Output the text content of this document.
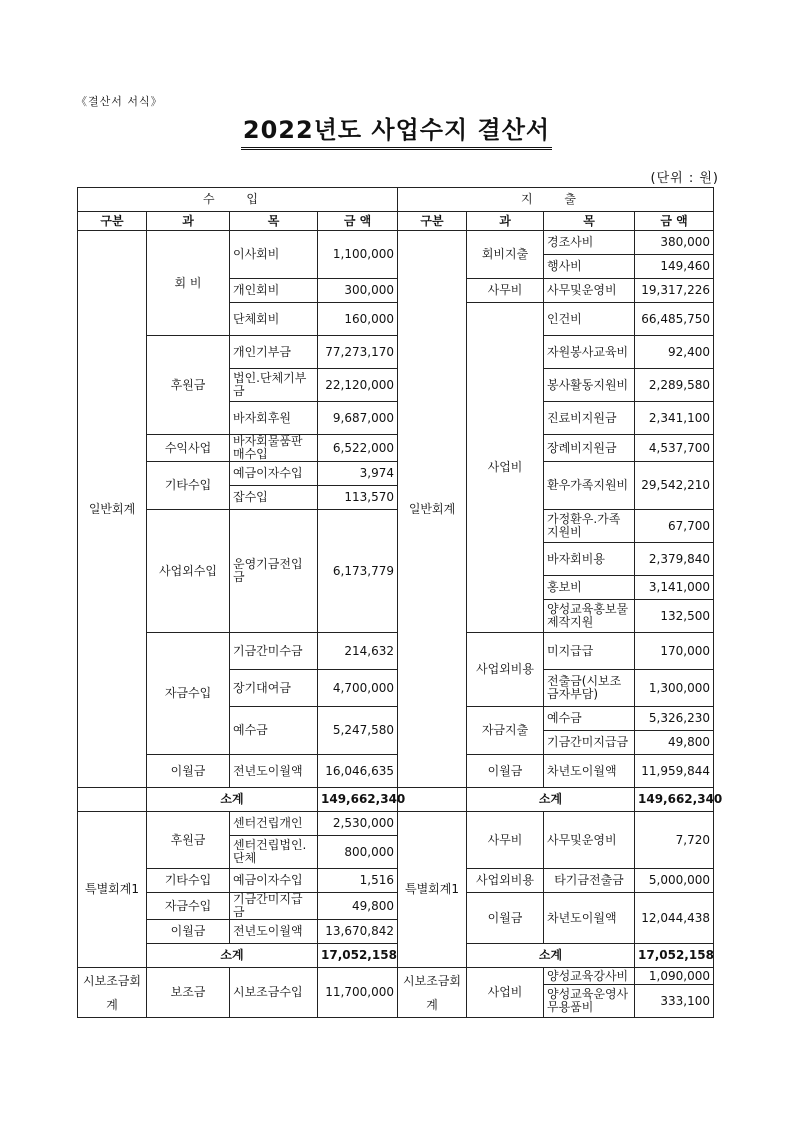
《결산서 서식》
2022년도 사업수지 결산서
(단위 : 원)
수 입				지 출			
구분	과	목	금 액	구분	과	목	금 액
일반회계	회 비	이사회비	1,100,000	일반회계	회비지출	경조사비	380,000
						행사비	149,460
		개인회비	300,000		사무비	사무및운영비	19,317,226
		단체회비	160,000		사업비	인건비	66,485,750
	후원금	개인기부금	77,273,170			자원봉사교육비	92,400
		법인.단체기부금	22,120,000			봉사활동지원비	2,289,580
		바자회후원	9,687,000			진료비지원금	2,341,100
	수익사업	바자회물품판매수입	6,522,000			장례비지원금	4,537,700

	기타수입	예금이자수입	3,974			환우가족지원비	29,542,210
		잡수입	113,570				
	사업외수입	운영기금전입금	6,173,779			가정환우.가족지원비	67,700
						바자회비용	2,379,840
						홍보비	3,141,000

						양성교육홍보물제작지원	132,500
	자금수입	기금간미수금	214,632		사업외비용	미지급급	170,000
		장기대여금	4,700,000			전출금(시보조금자부담)	1,300,000
		예수금	5,247,580		자금지출	예수금	5,326,230
						기금간미지급금	49,800
	이월금	전년도이월액	16,046,635		이월금	차년도이월액	11,959,844
	소계		149,662,340		소계		149,662,340
특별회계1	후원금	센터건립개인	2,530,000	특별회계1	사무비	사무및운영비	7,720
		센터건립법인.단체	800,000				
	기타수입	예금이자수입	1,516		사업외비용	타기금전출금	5,000,000
	자금수입	기금간미지급금	49,800		이월금	차년도이월액	12,044,438
	이월금	전년도이월액	13,670,842				
	소계		17,052,158		소계		17,052,158
시보조금회계	보조금	시보조금수입	11,700,000	시보조금회계	사업비	양성교육강사비	1,090,000
						양성교육운영사무용품비	333,100
